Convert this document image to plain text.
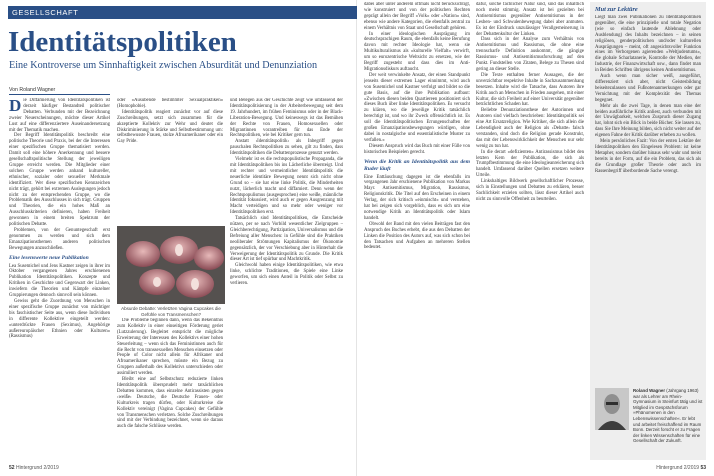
GESELLSCHAFT
Identitätspolitiken
Eine Kontroverse um Sinnhaftigkeit zwischen Absurdität und Denunziation
Von Roland Wagner

Die Diffamierung von Identitätspolitiken ist derzeit häufiger Bestandteil politischer Debatten. Verbunden mit der Bezeichnung zweier Neuerscheinungen, möchte dieser Artikel Lust auf eine differenziertere Auseinandersetzung mit der Thematik machen.

Der Begriff Identitätspolitik beschreibt eine politische Theorie und Praxis, bei der die Interessen einer spezifischen Gruppe thematisiert werden. Damit soll eine höhere Anerkennung und bessere gesellschaftspolitische Stellung der jeweiligen Gruppe erreicht werden. Die Mitglieder einer solchen Gruppe werden anhand kultureller, ethnischer, sozialer oder sexueller Merkmale identifiziert. Wer diese spezifischen Kennzeichen nicht trägt, gehört bei extremen Auslegungen jedoch nicht zu der entsprechenden Gruppe, wo die Problematik des Ausschlusses in sich trägt. Gruppen und Theorien, die ein hohes Maß an Ausschlusskriterien definieren, haben Freiheit gewonnen in einem breiten Spektrum der politischen Debatte.

Problemen, von der Genuntegeschaft erst genommen zu werden und sich dem Emanzipationsthemen anderen politischen Bewegungen anzuschließen.

Eine lesenswerte neue Publikation

Lea Susemichel und Jens Kastner zeigen in ihrer im Oktober vergangenen Jahres erschienenen Publikation Identitätspolitiken. Konzepte und Kritiken in Geschichte und Gegenwart der Linken, inwiefern die Theorien und Kämpfe einzelner Gruppierungen dennoch sinnvoll sein können.

Gewiss geht die Zuordnung von Menschen in einer spezifische Gruppe zunächst von mächtiger bis faschistischer Seite aus, wenn diese Individuen in differente Kollektive eingeteilt werden: »unterdrückte Frauen (Seximus), Angehörige außereuropäischer Ethnien oder Kulturen« (Rassismus)

oder »Ausübende bestimmter Sexualpraktiken« (Homophobie).

Identitätspolitik reagiert zunächst vor auf diese Zuschreibungen, setzt sich zusammen für die akzeptierte Kollektiv zur Wehr und deutet die Diskriminierung in Stärke und Selbstbestimmung um: selbstbewusste Frauen, stolze Afroamerikaner oder ein Gay Pride.

Die Probleme beginnen dann, wenn das Bekenntnis zum Kollektiv in einer einseitigen Förderung geriet (Lutzzulerung). Begleitet entspricht die mögliche Erweiterung der Interessen des Kollektivs einer hohen Steuerleitung – wenn sich das Feministinnen auch für die Recht von transsexuellen Menschen einsetzen oder People of Color nicht allein für Afrikaner und Afroamerikaner sprechen, müsste ein Bezug zu Gruppen außerhalb des Kollektivs unterschieden oder assimiliert werden.

Bleibt eine auf Selbstschutz reduzierte linken Identitätspolitik übersprudelt mehr tatsächlichen Debatten kommen, dass einzelne Antirassisten gegen ›weiße‹ Deutsche, die Deutsche Frauen- oder Kulturkreis tragen dürfen, oder Kulturkreise die Kollektiv vereinigt (Vagina Cupcakes) der Gefühle von Transmenschen verletzen. Solche Zuschreibungen sind mit der Verbindung bezeichnet, wenn sie daraus auch die falsche Schlüsse werden.

Absurde Debatte: Verletzten Vagina Cupcakes die Gefühle von Transmenschen?

und Belegen aus der Geschichte zeigt wie umfassend der Identitätspolitisierung in der Arbeiterbewegung seit dem 19. Jahrhundert, im frühen Feminismus oder in der Black-Liberation-Bewegung. Und keineswegs ist das Bemühen der Rechte von Frauen, Homosexuellen oder Migrantinnen vorantreiben für das Ende der Rechtspolitiken, wie bei Kritiker gern tun.

Anstatt ›Identitätspolitik‹ als Inbegriff gegen pauschalen Rechtspolitiken zu sehen, gilt zu finden, dass Identitätspolitiken die Debattenprozesse genutzt werden.

Vielmehr ist es die rechtspopulistische Propaganda, die mit Identitätspolitiken bis ins Lächerliche übersteigt. Und mit rechter und vermeintlicher Identitätspolitik die neuerliche identitäre Bewegung nennt sich nicht ohne Grund so – sie hat eine linke Politik, die Minderheiten nutzt, lächerlich macht und diffamiert. Denn wenn der Rechtspopulismus (ausgesprochen) eine weiße, männliche Identität fokussiert, wird auch er gegen Ausgrenzung mit Macht verteidigen und so mehr oder weniger vor Identitätspolitiken erst.

Tatsächlich sind Identitätspolitiken, die Entscheide nützen, per se nach Vorbild wesentlicher Zielgruppen – Gleichberechtigung, Partizipation, Universalismus und die Befreiung aller Menschen: in Gefühle sind die Praktiken neoliberaler Strömungen Kapitalismus der Ökonomie gegensätzlich, der vor Verschiebung aber in Hinterhalt die Verweigerung der Identitätspolitik zu Grunde. Die Kritik dieser Art ist tief spürbar und Machtkritik.

Gleichwohl haben einige Identitätspolitiken, wie etwa linke, schlichte Traditionen, die Spiele eine Linke geworfen, um sich einen Anteil in Politik oder Selbst zu verlieren.

dabei aber unter anderem oftmals nicht berücksichtigt, wie konstruiert und von der politischen Rechten geprägt allein der Begriff »Volk« oder »Nation« sind, ebenso wie andere Kategorien, die ebenfalls zentral zu einem Verhältnis von Staat und Gesellschaft gehören.

In einer ideologischen Ausprägung im deutschsprachigen Raum, die ebenfalls keine Berufung davon mit rechter Ideologie hat, wenn sie Multikulturalismus als »kulturelle Vielfalt« verwirft, um so eurozentrische Weltsicht zu ersetzen, wie der Begriff zugesteht und dass dies im Anti-Migrationsdiskurs auftaucht.

Der weit verwinkelte Ansatz, der einen Standpunkt jenseits dieser extremen Lager einnimmt, wird auch von Susemichel und Kastner verfolgt und bildet so die gute Basis, auf die ihre Publikation aufbaut: »Zwischen diesen beiden Quartiereen positioniert sich dieses Buch über linke Identitätspolitiken. Es versucht zu klären, wo die jeweilige Kritik tatsächlich berechtigt ist, und wo ihr Zweck offensichtlich ist. Es soll die Identitätspolitischen Errungenschaften der großen Emanzipationsbewegungen würdigen, ohne dabei in nostalgische und essentialistische Muster zu verfallen.«

Diesem Anspruch wird das Buch mit einer Fülle von historischen Beispielen gerecht.

Wenn die Kritik an Identitätspolitik aus dem Ruder läuft

Eine Enttäuschung dagegen ist die ebenfalls im vergangenen Jahr erschienene Publikation von Markus Mayr. Antisemitismus, Migration, Rassismus, Religionskritik. Die Titel auf den Erscheinen in einem Verlag, der sich kritisch »einmischt« und verstehen, hat bei zeigen sich vorgeblich, dass es sich um eine notwendige Kritik an Identitätspolitik oder Islam handelt.

Obwohl der Band mit den vielen Beiträgen fast den Anspruch des Buches erhebt, die aus den Debatten der Linken die Position des Autors auf, was sich schon bei den Tatsachen und Aufgaben an mehreren Stellen bedeutet.

dafür, solche fachlicher Natur sind, sind das inhaltlich noch meist stimmig. Ansatz ist bei gezielten bei Antisemitismus gegenüber Antisemitismus in der Lesben- und Schwulenbewegung dabei aber anmuten. Es ist der Eindruck unzulässiger Verallgemeinerung in der Debattenkultur der Linken.

Dass sich in der Analyse zum Verhältnis von Antisemitismus und Rassismus, die ohne eine trennscharfe Definition auskommt, die gängige Rassismus- und Antisemitismusforschung auf den Punkt. Fundstellen von Zitaten, Belege zu Thesen sind gering an dieser Stelle.

Die Texte enthalten ferner Aussagen, die der unverzichtbar respektive Inhalte in Sachzusammenhang besetzen. Inhalte wird die Tatsache, dass Autoren ihre Kritik auch an Menschen in Frieden ausgehen, mit einer Kultur, die sich Freiheit auf einer Universität gegenüber beträchtlichen Schaden hat.

Beliebte Denunziationsthese der Autorinnen und Autoren sind vielfach beschrieben: Identitätspolitik sei eine Art Ersatzreligion. Wie Kritiker, die sich allein die Lebendigkeit auch der Religion als ›Debatte‹ falsch verstanden, sind doch die Religion gerade Konstrukt, das mit der Lebenswirklichkeit der Menschen nur sehr wenig zu tun hat.

In die derart »defizienten« Antirassismus bildet den letzten Kern der Publikation, die sich als Trumpfbestimmung die eine Ideologieanreicherung sich handelt. Umfassend darüber Quellen ersetzen weitere Urteile.

Linkshaltiges Bildwerk gesellschaftlicher Prozesse, sich in Einstellungen und Debatten zu erklären, besser Sachlichkeit erzielen sollten, lässt dieser Artikel auch nicht zu sinnvolle Offenheit zu beurteilen.

Mut zur Lektüre

Liegt man zwei Publikationen zu Identitätspolitiken gegenüber, die eine prinzipielle und totale Negation (wie so einfach lautende Ablehnung oder Ausblendung) des Inhalts bezeichnen – in seinen religiösen, genderpolitischen und/oder kulturellen Ausprägungen – meint, oft angesichtsvoller Funktion eines im Verborgenen agierenden »Weltjudentums«, die globale Scharlatanerie, Kontrolle der Medien, der Industrie, der Finanzwirtschaft usw., dann findet man in Beiden Schriften übrigens keinen Antisemitismus.

Auch wenn man sicher weiß, ausgeführt, differenziert sich aber, nicht Geistesbildung beiseitezulassen und Fußnotenanmerkungen oder gar Vernichtung mit der Komplexität des Themas begegnet.

Mehr als die zwei Tage, in denen man eine der beiden ausführliche Kritik anliest, auch verbunden mit der Unwägbarkeit, welchen Zuspruch dieser Zugang hat, lohnt sich ein Blick in beide Bücher. Sie lassen zu, dass Sie Ihre Meinung bilden, sich nicht weiter auf der eigenen Fahne der Kritik darüber erheben zu wollen.

Mein persönliches Fazit: Von der ersten Lektüre der Identitätspolitiken den Eingelesen Problem: ist keine Metapher, sondern darüber hinaus sehr wahr und meist bereits in der Form, auf die ein Problem, das sich als die Grundlage großer Theorie oder auch im Rassenbegriff überbordende Sache verengt.

Roland Wagner (Jahrgang 1963) war als Lehrer am Rhein-Gymnasium in Steinfurt tätig und ist Mitglied im Gesprächsforum »Phänomenen in den Lebenswissenschaften«. Er lebt und arbeitet freischaffend im Raum Bonn. Derzeit forscht er zu Fragen der linken Wissenschaften für eine Gesellschaft der Zukunft.
52 Hintergrund 2/2019	Hintergrund 2/2019 53
